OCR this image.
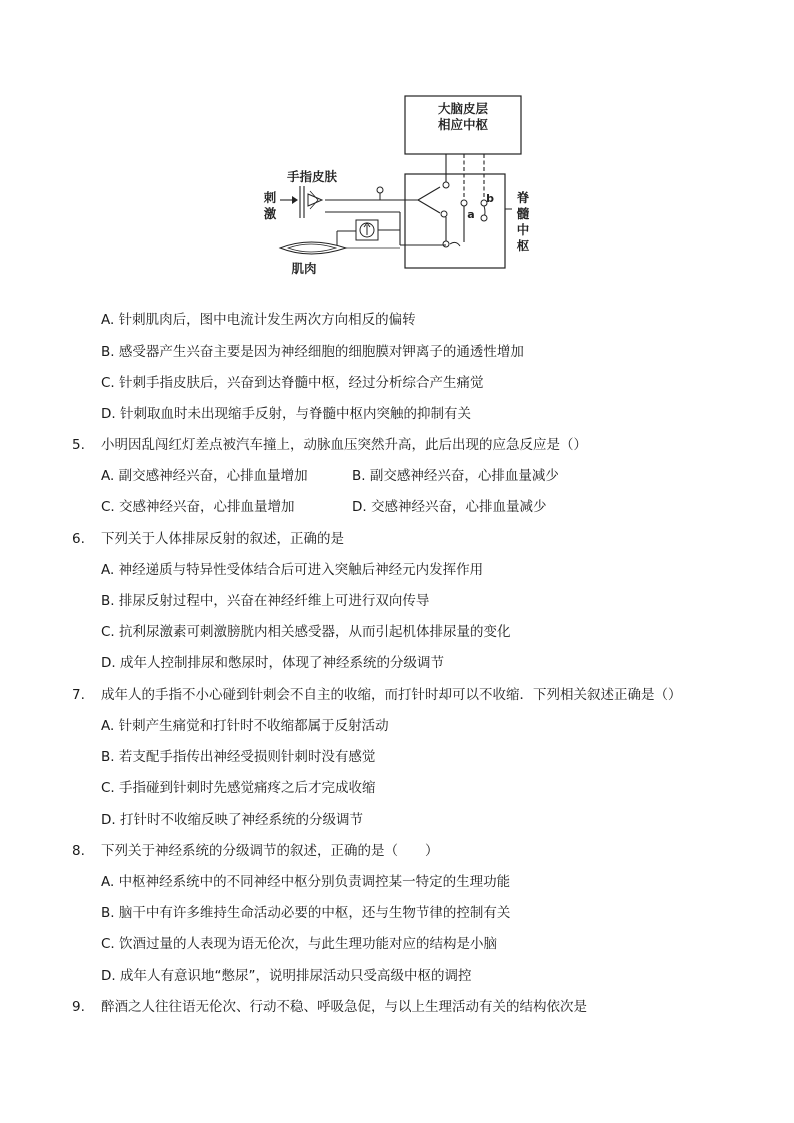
大脑皮层
相应中枢
脊
髓
中
枢
a
b
手指皮肤
刺
激
肌肉
A. 针刺肌肉后，图中电流计发生两次方向相反的偏转
B. 感受器产生兴奋主要是因为神经细胞的细胞膜对钾离子的通透性增加
C. 针刺手指皮肤后，兴奋到达脊髓中枢，经过分析综合产生痛觉
D. 针刺取血时未出现缩手反射，与脊髓中枢内突触的抑制有关
5.	小明因乱闯红灯差点被汽车撞上，动脉血压突然升高，此后出现的应急反应是（）
A. 副交感神经兴奋，心排血量增加	B. 副交感神经兴奋，心排血量减少
C. 交感神经兴奋，心排血量增加	D. 交感神经兴奋，心排血量减少
6.	下列关于人体排尿反射的叙述，正确的是
A. 神经递质与特异性受体结合后可进入突触后神经元内发挥作用
B. 排尿反射过程中，兴奋在神经纤维上可进行双向传导
C. 抗利尿激素可刺激膀胱内相关感受器，从而引起机体排尿量的变化
D. 成年人控制排尿和憋尿时，体现了神经系统的分级调节
7.	成年人的手指不小心碰到针刺会不自主的收缩，而打针时却可以不收缩．下列相关叙述正确是（）
A. 针刺产生痛觉和打针时不收缩都属于反射活动
B. 若支配手指传出神经受损则针刺时没有感觉
C. 手指碰到针刺时先感觉痛疼之后才完成收缩
D. 打针时不收缩反映了神经系统的分级调节
8.	下列关于神经系统的分级调节的叙述，正确的是（　　）
A. 中枢神经系统中的不同神经中枢分别负责调控某一特定的生理功能
B. 脑干中有许多维持生命活动必要的中枢，还与生物节律的控制有关
C. 饮酒过量的人表现为语无伦次，与此生理功能对应的结构是小脑
D. 成年人有意识地“憋尿”，说明排尿活动只受高级中枢的调控
9.	醉酒之人往往语无伦次、行动不稳、呼吸急促，与以上生理活动有关的结构依次是
